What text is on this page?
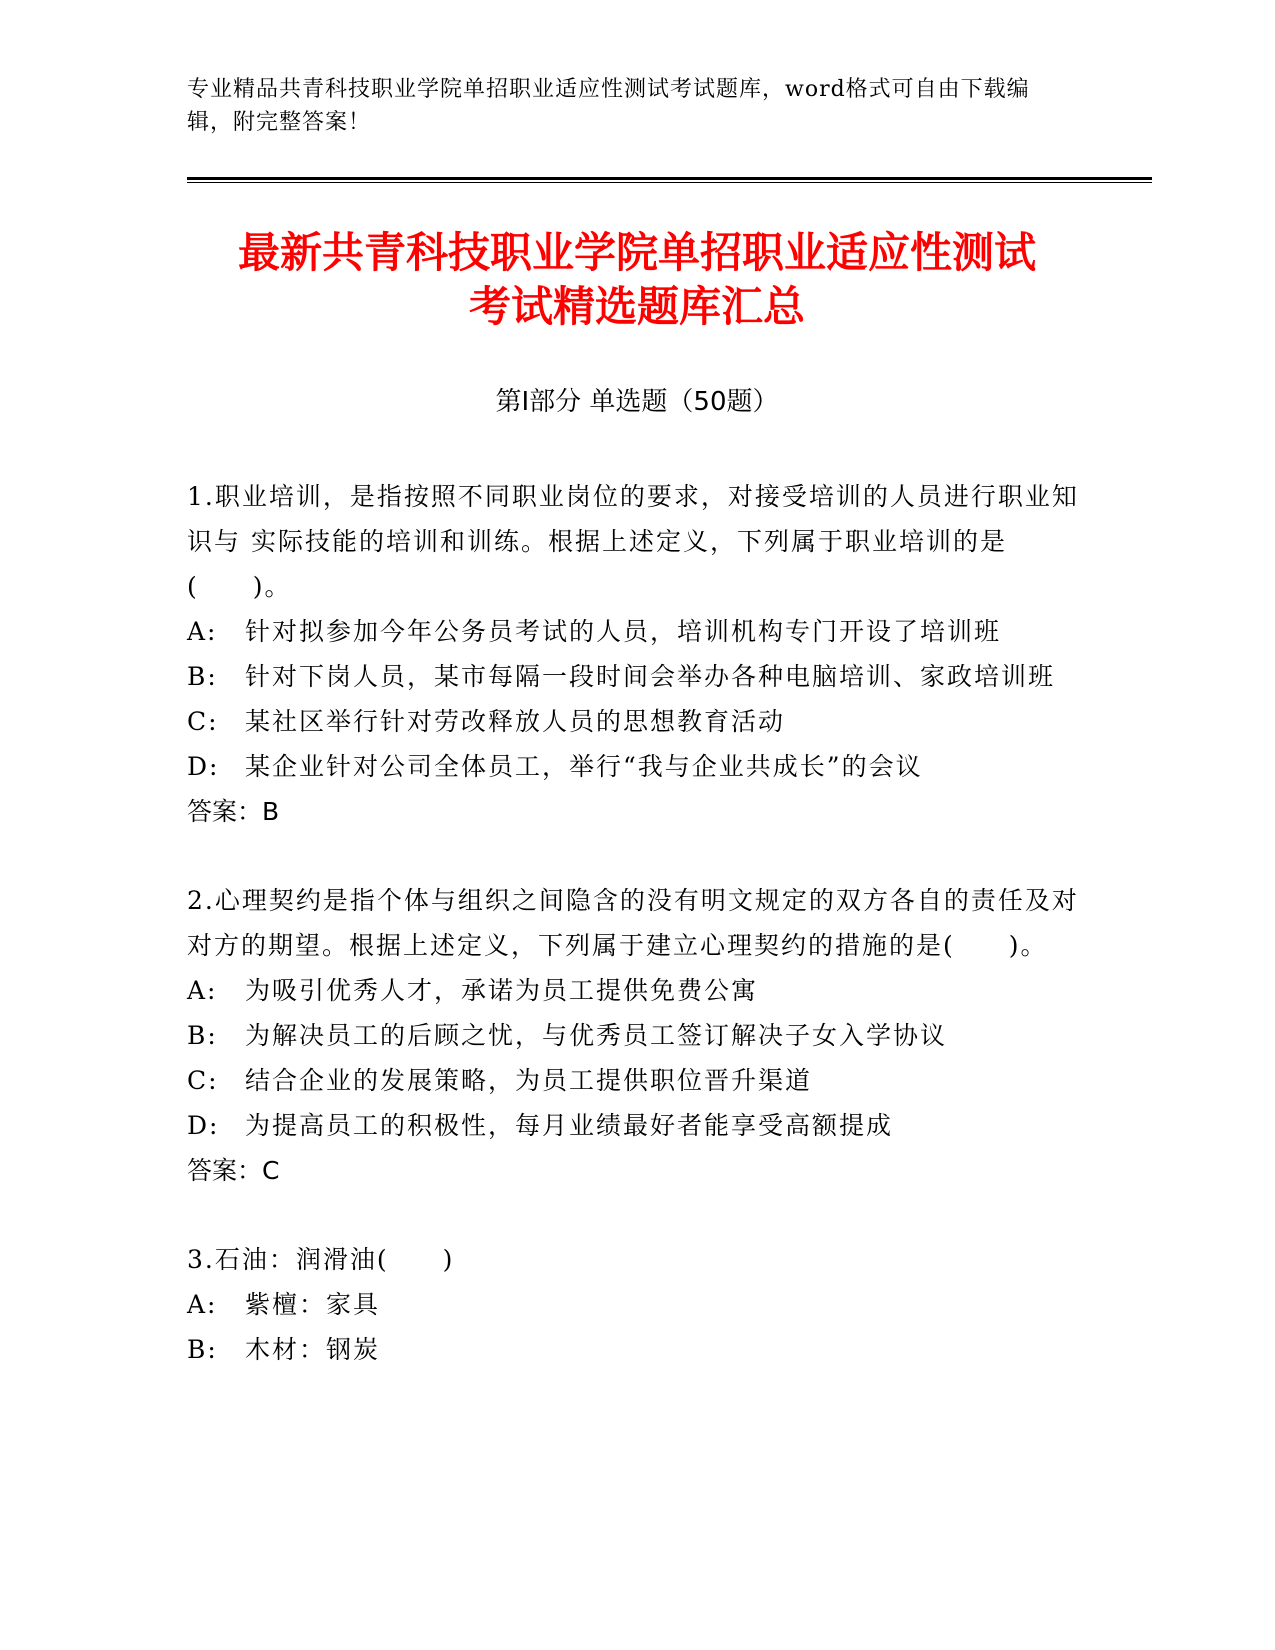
专业精品共青科技职业学院单招职业适应性测试考试题库，word格式可自由下载编辑，附完整答案！
最新共青科技职业学院单招职业适应性测试
考试精选题库汇总
第Ⅰ部分 单选题（50题）
1.职业培训，是指按照不同职业岗位的要求，对接受培训的人员进行职业知识与 实际技能的培训和训练。根据上述定义，下列属于职业培训的是(　　)。
A:	针对拟参加今年公务员考试的人员，培训机构专门开设了培训班
B: 针对下岗人员，某市每隔一段时间会举办各种电脑培训、家政培训班
C:	某社区举行针对劳改释放人员的思想教育活动
D:	某企业针对公司全体员工，举行“我与企业共成长”的会议
答案：B
2.心理契约是指个体与组织之间隐含的没有明文规定的双方各自的责任及对对方的期望。根据上述定义，下列属于建立心理契约的措施的是(　　)。
A:	为吸引优秀人才，承诺为员工提供免费公寓
B:	为解决员工的后顾之忧，与优秀员工签订解决子女入学协议
C:	结合企业的发展策略，为员工提供职位晋升渠道
D:	为提高员工的积极性，每月业绩最好者能享受高额提成
答案：C
3.石油：润滑油(　　)
A:	紫檀：家具
B:	木材：钢炭
